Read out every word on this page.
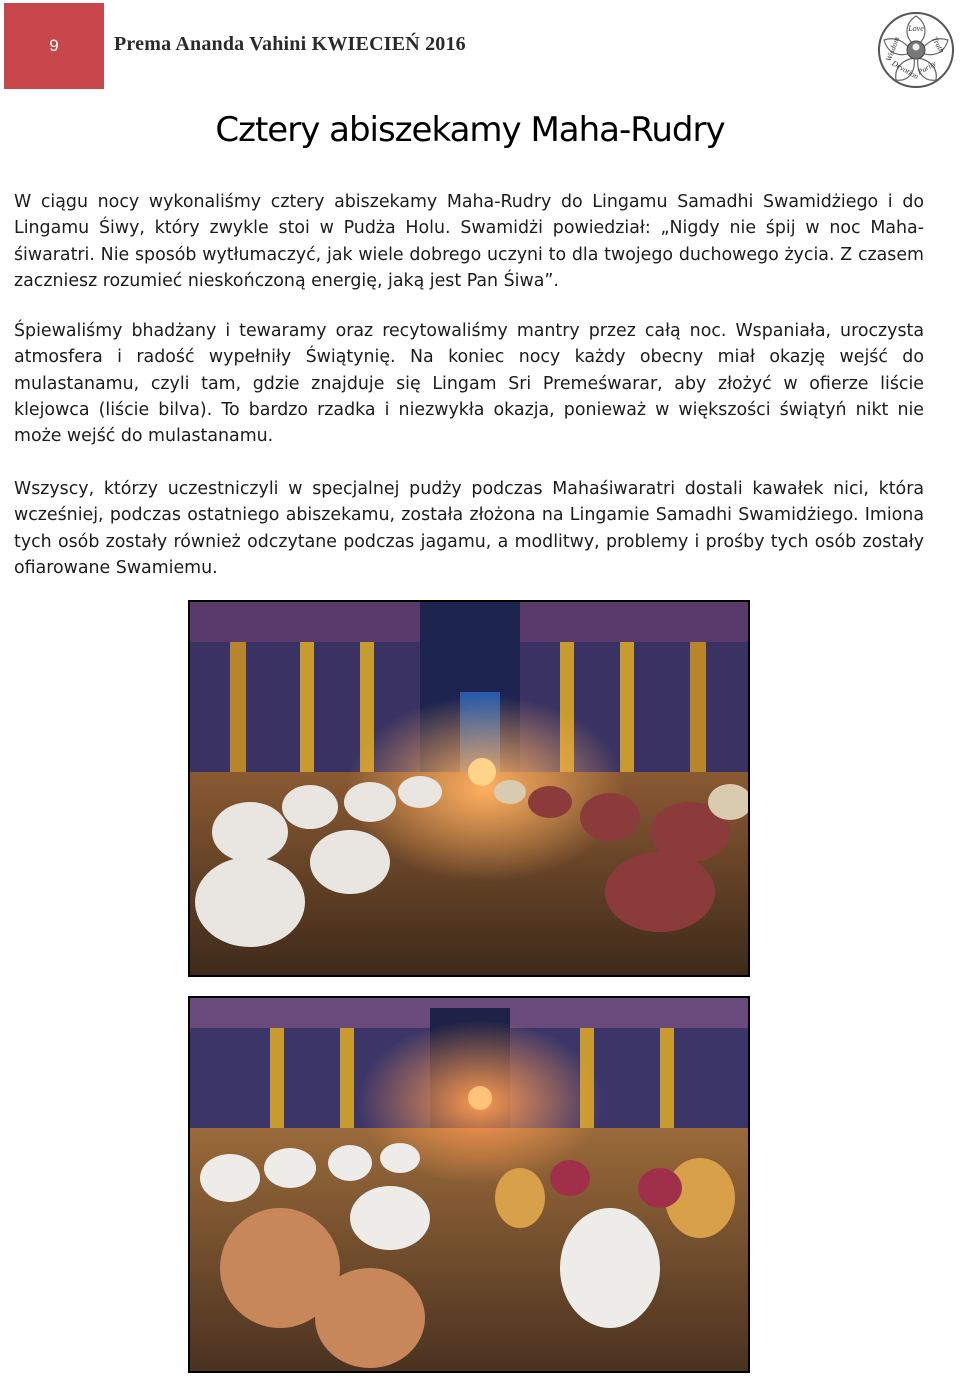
9	Prema Ananda Vahini KWIECIEŃ 2016
Love
Truth
Purity
Devotion
Wisdom
Cztery abiszekamy Maha-Rudry

W ciągu nocy wykonaliśmy cztery abiszekamy Maha-Rudry do Lingamu Samadhi Swamidżiego i do Lingamu Śiwy, który zwykle stoi w Pudża Holu. Swamidżi powiedział: „Nigdy nie śpij w noc Maha-śiwaratri. Nie sposób wytłumaczyć, jak wiele dobrego uczyni to dla twojego duchowego życia. Z czasem zaczniesz rozumieć nieskończoną energię, jaką jest Pan Śiwa”.

Śpiewaliśmy bhadżany i tewaramy oraz recytowaliśmy mantry przez całą noc. Wspaniała, uroczysta atmosfera i radość wypełniły Świątynię. Na koniec nocy każdy obecny miał okazję wejść do mulastanamu, czyli tam, gdzie znajduje się Lingam Sri Premeśwarar, aby złożyć w ofierze liście klejowca (liście bilva). To bardzo rzadka i niezwykła okazja, ponieważ w większości świątyń nikt nie może wejść do mulastanamu.

Wszyscy, którzy uczestniczyli w specjalnej pudży podczas Mahaśiwaratri dostali kawałek nici, która wcześniej, podczas ostatniego abiszekamu, została złożona na Lingamie Samadhi Swamidżiego. Imiona tych osób zostały również odczytane podczas jagamu, a modlitwy, problemy i prośby tych osób zostały ofiarowane Swamiemu.
